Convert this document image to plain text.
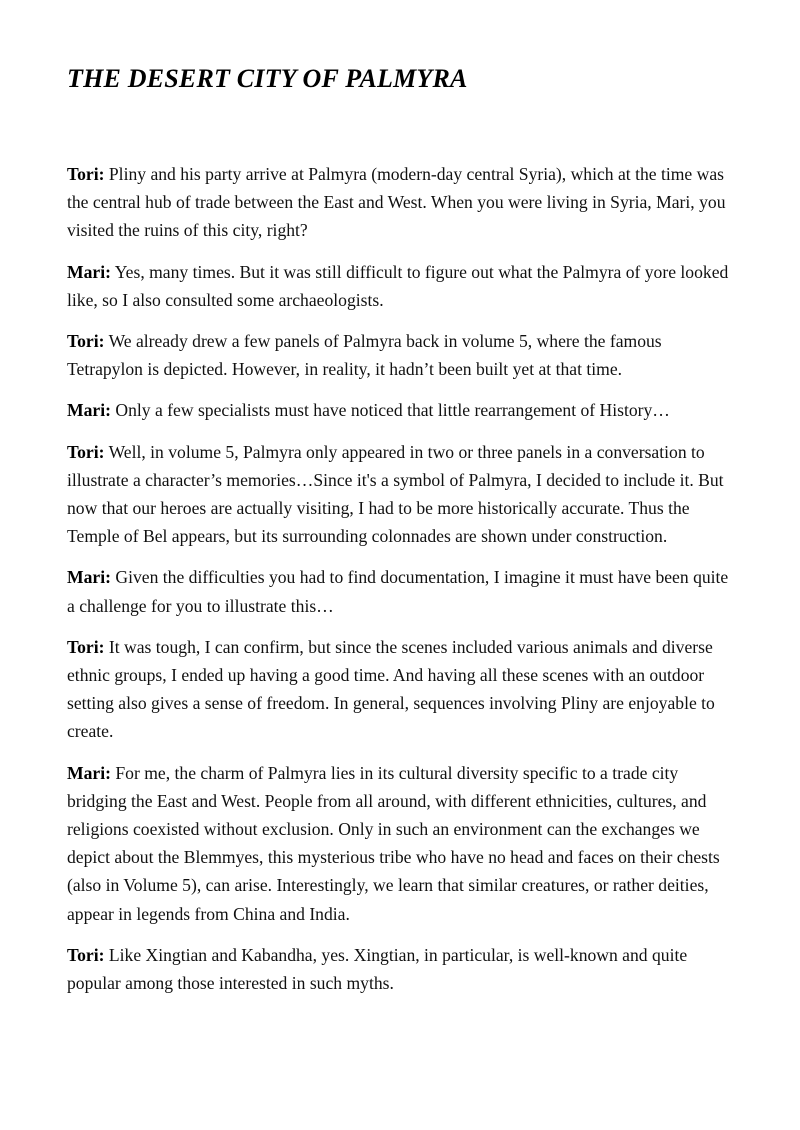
THE DESERT CITY OF PALMYRA

Tori: Pliny and his party arrive at Palmyra (modern-day central Syria), which at the time was the central hub of trade between the East and West. When you were living in Syria, Mari, you visited the ruins of this city, right?

Mari: Yes, many times. But it was still difficult to figure out what the Palmyra of yore looked like, so I also consulted some archaeologists.

Tori: We already drew a few panels of Palmyra back in volume 5, where the famous Tetrapylon is depicted. However, in reality, it hadn’t been built yet at that time.

Mari: Only a few specialists must have noticed that little rearrangement of History…

Tori: Well, in volume 5, Palmyra only appeared in two or three panels in a conversation to illustrate a character’s memories…Since it's a symbol of Palmyra, I decided to include it. But now that our heroes are actually visiting, I had to be more historically accurate. Thus the Temple of Bel appears, but its surrounding colonnades are shown under construction.

Mari: Given the difficulties you had to find documentation, I imagine it must have been quite a challenge for you to illustrate this…

Tori: It was tough, I can confirm, but since the scenes included various animals and diverse ethnic groups, I ended up having a good time. And having all these scenes with an outdoor setting also gives a sense of freedom. In general, sequences involving Pliny are enjoyable to create.

Mari: For me, the charm of Palmyra lies in its cultural diversity specific to a trade city bridging the East and West. People from all around, with different ethnicities, cultures, and religions coexisted without exclusion. Only in such an environment can the exchanges we depict about the Blemmyes, this mysterious tribe who have no head and faces on their chests (also in Volume 5), can arise. Interestingly, we learn that similar creatures, or rather deities, appear in legends from China and India.

Tori: Like Xingtian and Kabandha, yes. Xingtian, in particular, is well-known and quite popular among those interested in such myths.
